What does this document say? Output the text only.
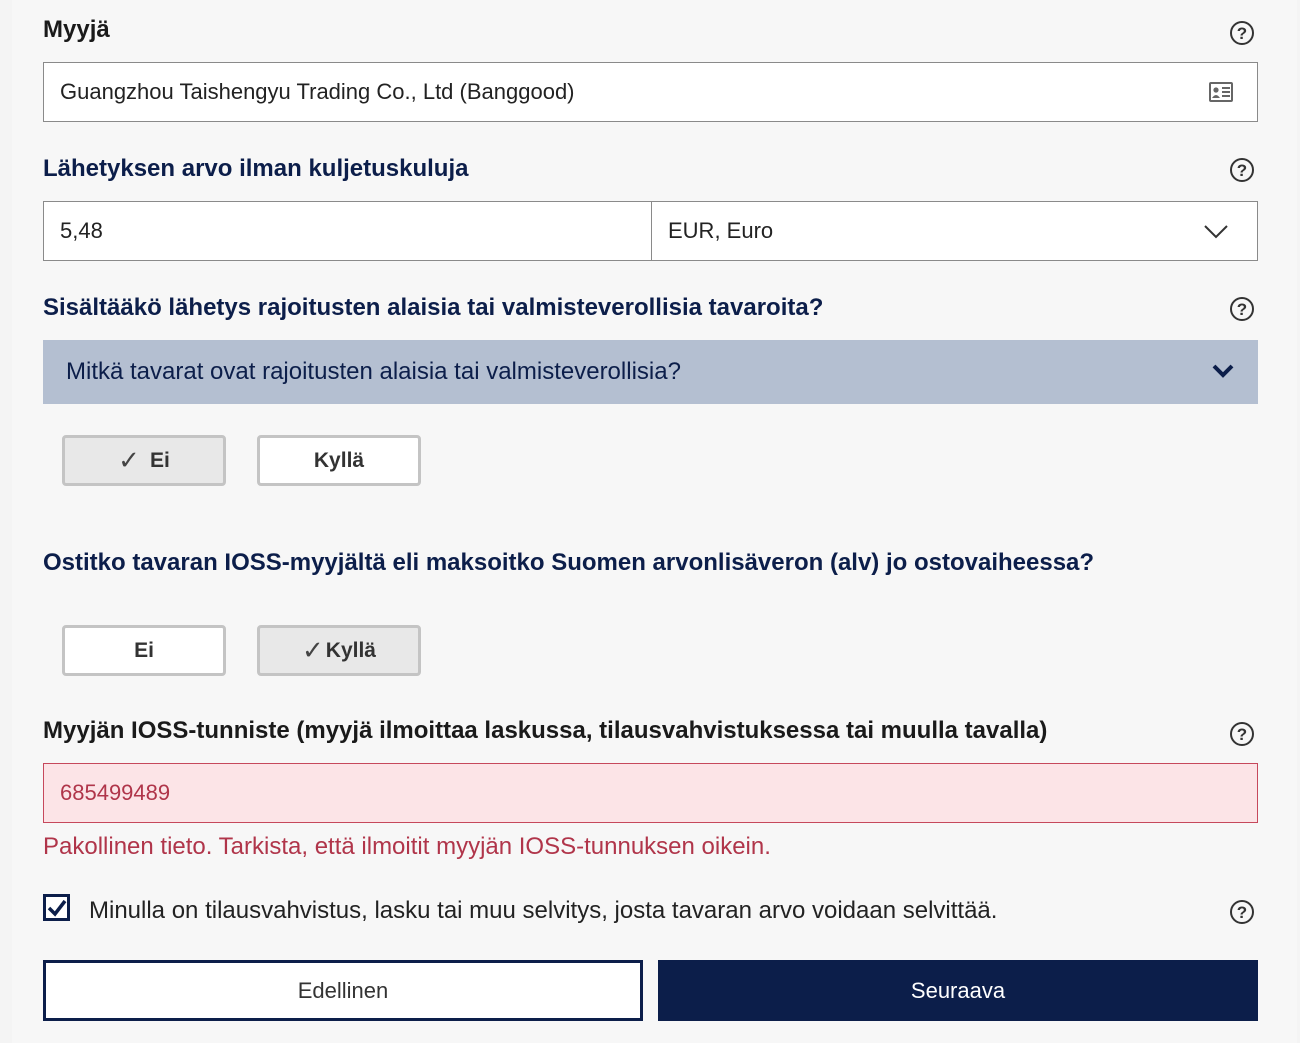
Myyjä	?
Guangzhou Taishengyu Trading Co., Ltd (Banggood)
Lähetyksen arvo ilman kuljetuskuluja	?
5,48	EUR, Euro
Sisältääkö lähetys rajoitusten alaisia tai valmisteverollisia tavaroita?	?
Mitkä tavarat ovat rajoitusten alaisia tai valmisteverollisia?
✓ Ei	Kyllä
Ostitko tavaran IOSS-myyjältä eli maksoitko Suomen arvonlisäveron (alv) jo ostovaiheessa?
Ei	✓ Kyllä
Myyjän IOSS-tunniste (myyjä ilmoittaa laskussa, tilausvahvistuksessa tai muulla tavalla)	?
685499489
Pakollinen tieto. Tarkista, että ilmoitit myyjän IOSS-tunnuksen oikein.
Minulla on tilausvahvistus, lasku tai muu selvitys, josta tavaran arvo voidaan selvittää.	?
Edellinen	Seuraava
